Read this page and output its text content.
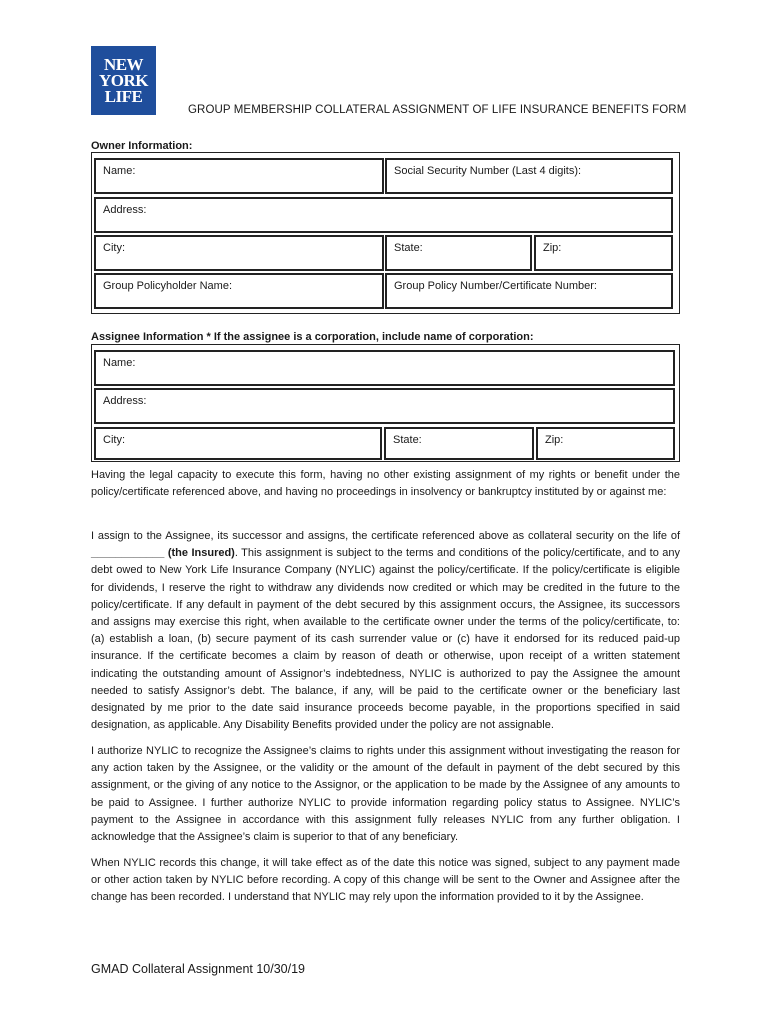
NEW
YORK
LIFE
GROUP MEMBERSHIP COLLATERAL ASSIGNMENT OF LIFE INSURANCE BENEFITS FORM
Owner Information:
Name:	Social Security Number (Last 4 digits):
Address:
City:	State:	Zip:
Group Policyholder Name:	Group Policy Number/Certificate Number:
Assignee Information * If the assignee is a corporation, include name of corporation:
Name:
Address:
City:	State:	Zip:
Having the legal capacity to execute this form, having no other existing assignment of my rights or benefit under the policy/certificate referenced above, and having no proceedings in insolvency or bankruptcy instituted by or against me:
I assign to the Assignee, its successor and assigns, the certificate referenced above as collateral security on the life of ____________ (the Insured). This assignment is subject to the terms and conditions of the policy/certificate, and to any debt owed to New York Life Insurance Company (NYLIC) against the policy/certificate. If the policy/certificate is eligible for dividends, I reserve the right to withdraw any dividends now credited or which may be credited in the future to the policy/certificate. If any default in payment of the debt secured by this assignment occurs, the Assignee, its successors and assigns may exercise this right, when available to the certificate owner under the terms of the policy/certificate, to: (a) establish a loan, (b) secure payment of its cash surrender value or (c) have it endorsed for its reduced paid-up insurance. If the certificate becomes a claim by reason of death or otherwise, upon receipt of a written statement indicating the outstanding amount of Assignor’s indebtedness, NYLIC is authorized to pay the Assignee the amount needed to satisfy Assignor’s debt. The balance, if any, will be paid to the certificate owner or the beneficiary last designated by me prior to the date said insurance proceeds become payable, in the proportions specified in said designation, as applicable. Any Disability Benefits provided under the policy are not assignable.
I authorize NYLIC to recognize the Assignee’s claims to rights under this assignment without investigating the reason for any action taken by the Assignee, or the validity or the amount of the default in payment of the debt secured by this assignment, or the giving of any notice to the Assignor, or the application to be made by the Assignee of any amounts to be paid to Assignee. I further authorize NYLIC to provide information regarding policy status to Assignee. NYLIC’s payment to the Assignee in accordance with this assignment fully releases NYLIC from any further obligation. I acknowledge that the Assignee’s claim is superior to that of any beneficiary.
When NYLIC records this change, it will take effect as of the date this notice was signed, subject to any payment made or other action taken by NYLIC before recording. A copy of this change will be sent to the Owner and Assignee after the change has been recorded. I understand that NYLIC may rely upon the information provided to it by the Assignee.
GMAD Collateral Assignment 10/30/19
